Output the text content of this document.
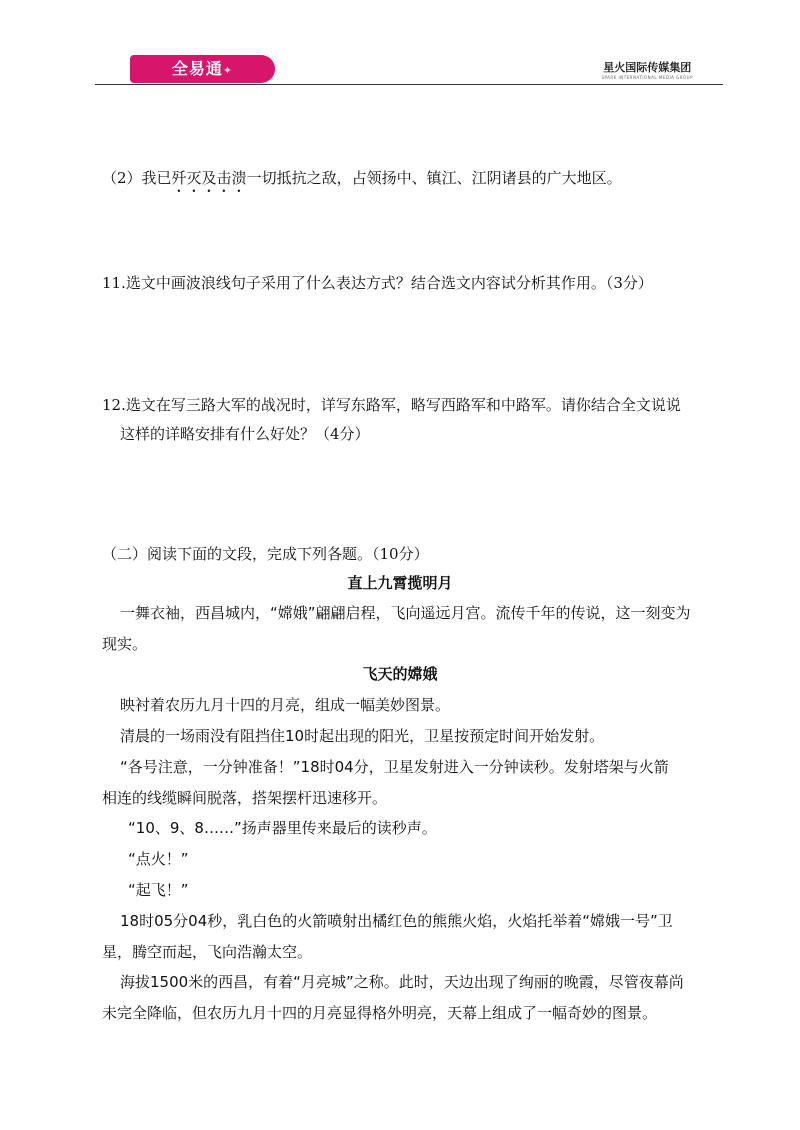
全易通✦	星火国际传媒集团
SPARK INTERNATIONAL MEDIA GROUP
（2）我已歼灭及击溃一切抵抗之敌，占领扬中、镇江、江阴诸县的广大地区。
11.选文中画波浪线句子采用了什么表达方式？结合选文内容试分析其作用。（3分）
12.选文在写三路大军的战况时，详写东路军，略写西路军和中路军。请你结合全文说说
这样的详略安排有什么好处？（4分）
（二）阅读下面的文段，完成下列各题。（10分）
直上九霄揽明月
一舞衣袖，西昌城内，“嫦娥”翩翩启程，飞向遥远月宫。流传千年的传说，这一刻变为
现实。
飞天的嫦娥
映衬着农历九月十四的月亮，组成一幅美妙图景。
清晨的一场雨没有阻挡住10时起出现的阳光，卫星按预定时间开始发射。
“各号注意，一分钟准备！”18时04分，卫星发射进入一分钟读秒。发射塔架与火箭
相连的线缆瞬间脱落，搭架摆杆迅速移开。
“10、9、8……”扬声器里传来最后的读秒声。
“点火！”
“起飞！”
18时05分04秒，乳白色的火箭喷射出橘红色的熊熊火焰，火焰托举着“嫦娥一号”卫
星，腾空而起，飞向浩瀚太空。
海拔1500米的西昌，有着“月亮城”之称。此时，天边出现了绚丽的晚霞，尽管夜幕尚
未完全降临，但农历九月十四的月亮显得格外明亮，天幕上组成了一幅奇妙的图景。
